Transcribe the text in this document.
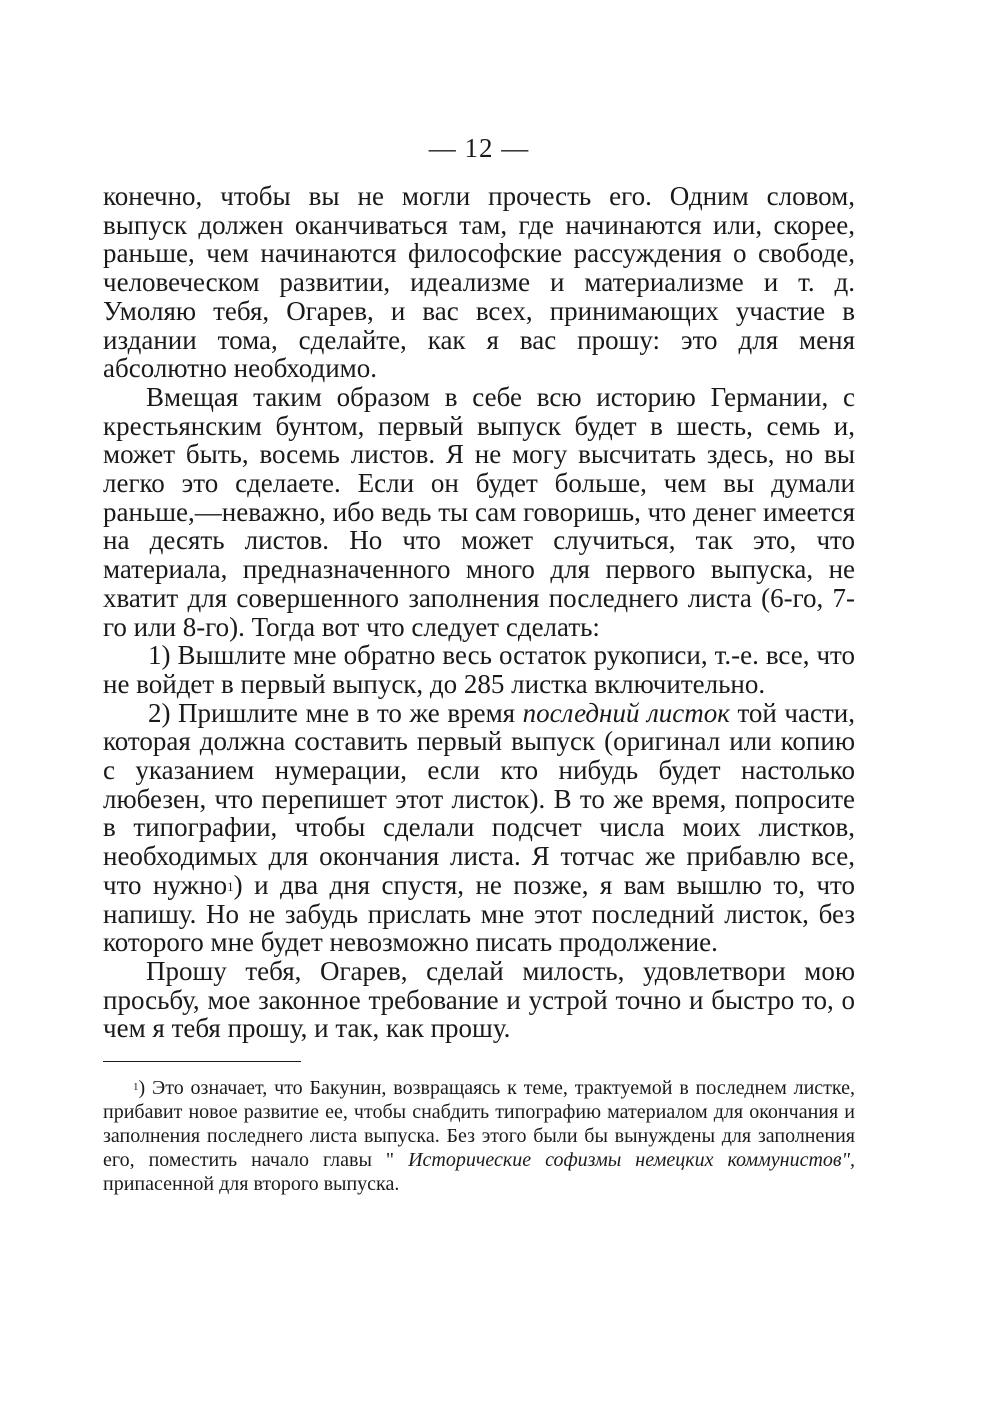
— 12 —

конечно, чтобы вы не могли прочесть его. Одним словом, выпуск должен оканчиваться там, где начинаются или, скорее, раньше, чем начинаются философские рассуждения о свободе, человеческом развитии, идеализме и материализме и т. д. Умоляю тебя, Огарев, и вас всех, принимающих участие в издании тома, сделайте, как я вас прошу: это для меня абсолютно необходимо.

Вмещая таким образом в себе всю историю Германии, с крестьянским бунтом, первый выпуск будет в шесть, семь и, может быть, восемь листов. Я не могу высчитать здесь, но вы легко это сделаете. Если он будет больше, чем вы думали раньше,—неважно, ибо ведь ты сам говоришь, что денег имеется на десять листов. Но что может случиться, так это, что материала, предназначенного много для первого выпуска, не хватит для совершенного заполнения последнего листа (6-го, 7-го или 8-го). Тогда вот что следует сделать:

1) Вышлите мне обратно весь остаток рукописи, т.-е. все, что не войдет в первый выпуск, до 285 листка включительно.

2) Пришлите мне в то же время последний листок той части, которая должна составить первый выпуск (оригинал или копию с указанием нумерации, если кто нибудь будет настолько любезен, что перепишет этот листок). В то же время, попросите в типографии, чтобы сделали подсчет числа моих листков, необходимых для окончания листа. Я тотчас же прибавлю все, что нужно$^1$) и два дня спустя, не позже, я вам вышлю то, что напишу. Но не забудь прислать мне этот последний листок, без которого мне будет невозможно писать продолжение.

Прошу тебя, Огарев, сделай милость, удовлетвори мою просьбу, мое законное требование и устрой точно и быстро то, о чем я тебя прошу, и так, как прошу.

$^1$) Это означает, что Бакунин, возвращаясь к теме, трактуемой в последнем листке, прибавит новое развитие ее, чтобы снабдить типографию материалом для окончания и заполнения последнего листа выпуска. Без этого были бы вынуждены для заполнения его, поместить начало главы " Исторические софизмы немецких коммунистов", припасенной для второго выпуска.
